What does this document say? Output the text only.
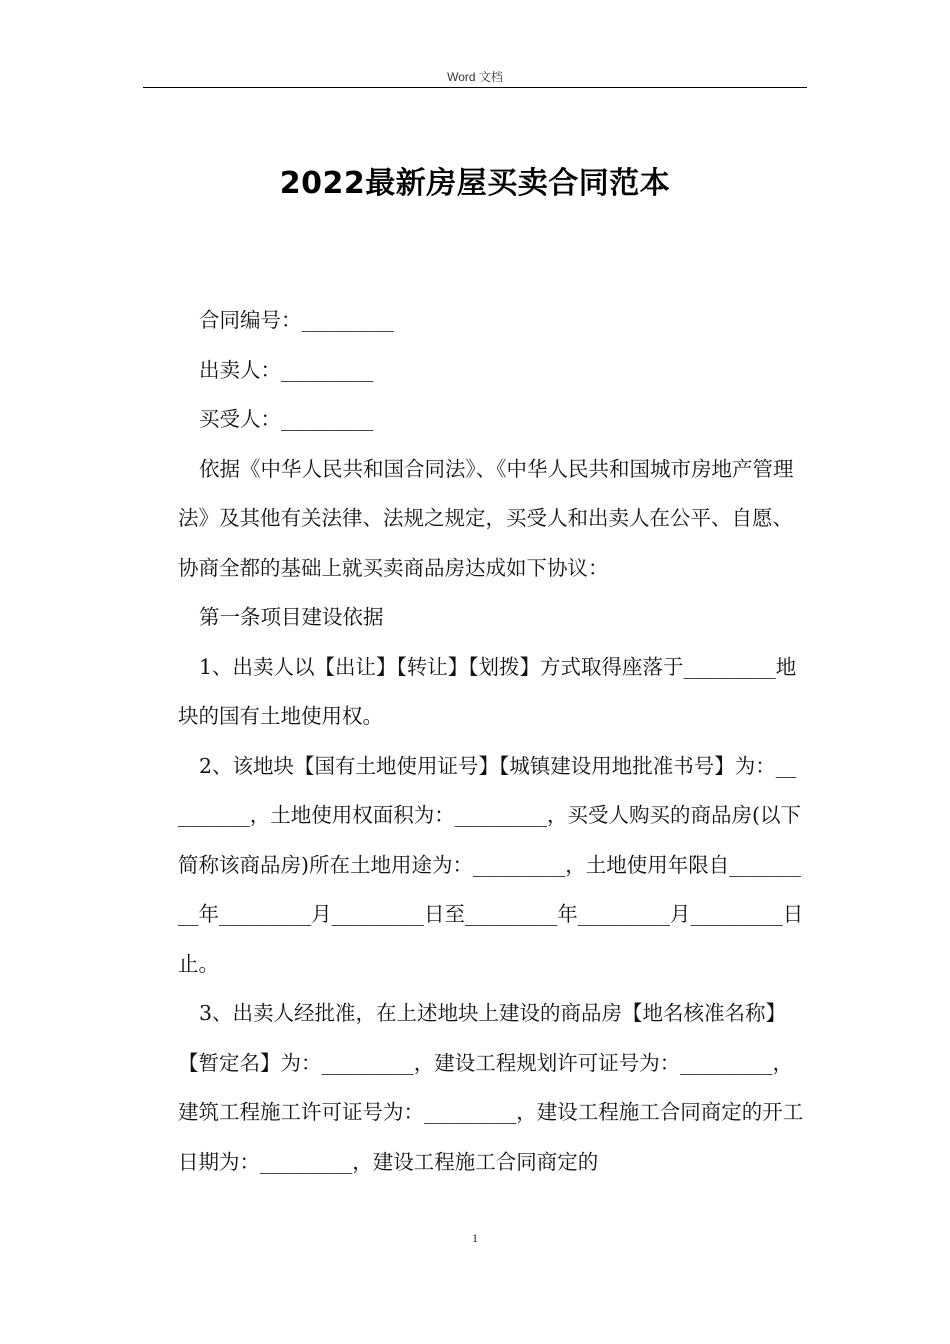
Word 文档
2022最新房屋买卖合同范本

合同编号：_________

出卖人：_________

买受人：_________

依据《中华人民共和国合同法》、《中华人民共和国城市房地产管理法》及其他有关法律、法规之规定，买受人和出卖人在公平、自愿、协商全都的基础上就买卖商品房达成如下协议：

第一条项目建设依据

1、出卖人以【出让】【转让】【划拨】方式取得座落于_________地块的国有土地使用权。

2、该地块【国有土地使用证号】【城镇建设用地批准书号】为：_________，土地使用权面积为：_________，买受人购买的商品房(以下简称该商品房)所在土地用途为：_________，土地使用年限自_________年_________月_________日至_________年_________月_________日止。

3、出卖人经批准，在上述地块上建设的商品房【地名核准名称】【暂定名】为：_________，建设工程规划许可证号为：_________，建筑工程施工许可证号为：_________，建设工程施工合同商定的开工日期为：_________，建设工程施工合同商定的

1
